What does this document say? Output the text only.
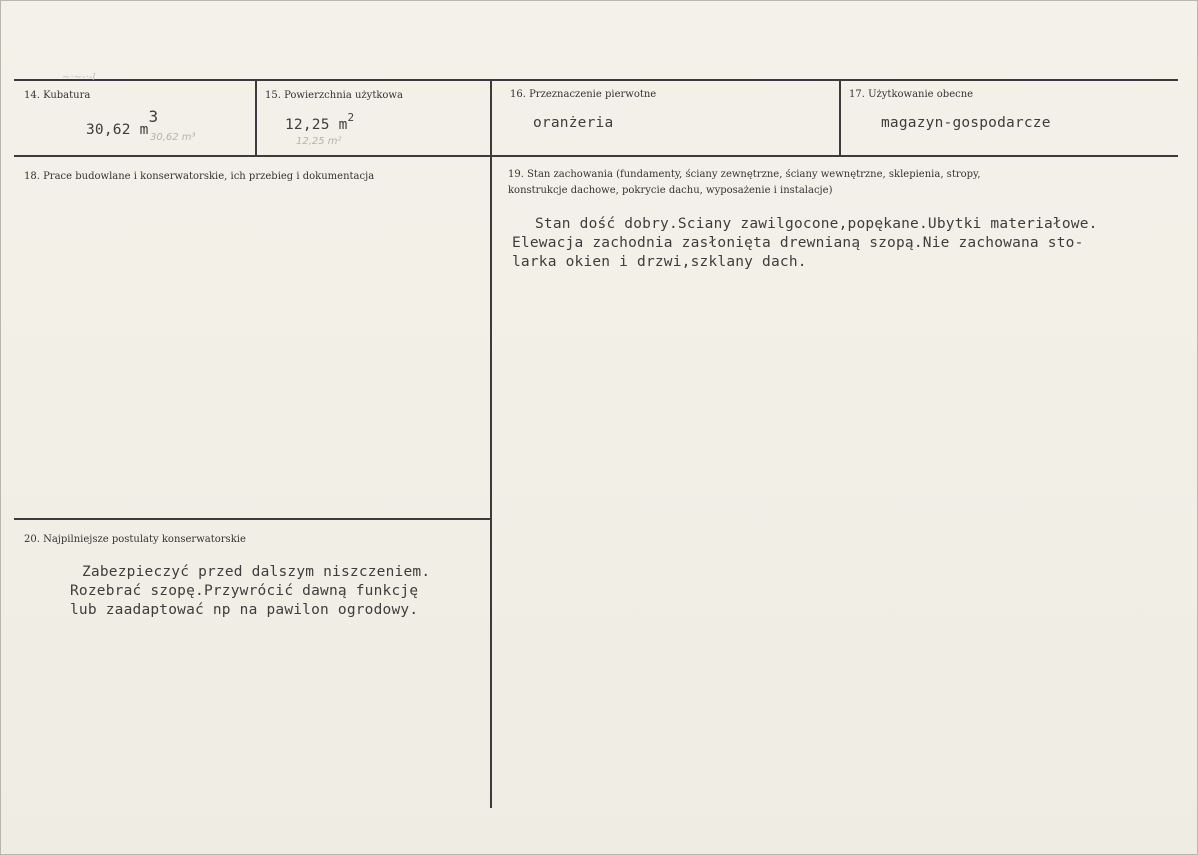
~·~-·-l
14. Kubatura
30,62 $m^3$
30,62 m³
15. Powierzchnia użytkowa
12,25 $m^2$
12,25 m²
16. Przeznaczenie pierwotne
oranżeria
17. Użytkowanie obecne
magazyn-gospodarcze
18. Prace budowlane i konserwatorskie, ich przebieg i dokumentacja	19. Stan zachowania (fundamenty, ściany zewnętrzne, ściany wewnętrzne, sklepienia, stropy,
konstrukcje dachowe, pokrycie dachu, wyposażenie i instalacje)
Stan dość dobry.Sciany zawilgocone,popękane.Ubytki materiałowe.
Elewacja zachodnia zasłonięta drewnianą szopą.Nie zachowana sto-
larka okien i drzwi,szklany dach.
20. Najpilniejsze postulaty konserwatorskie
Zabezpieczyć przed dalszym niszczeniem.
Rozebrać szopę.Przywrócić dawną funkcję
lub zaadaptować np na pawilon ogrodowy.
